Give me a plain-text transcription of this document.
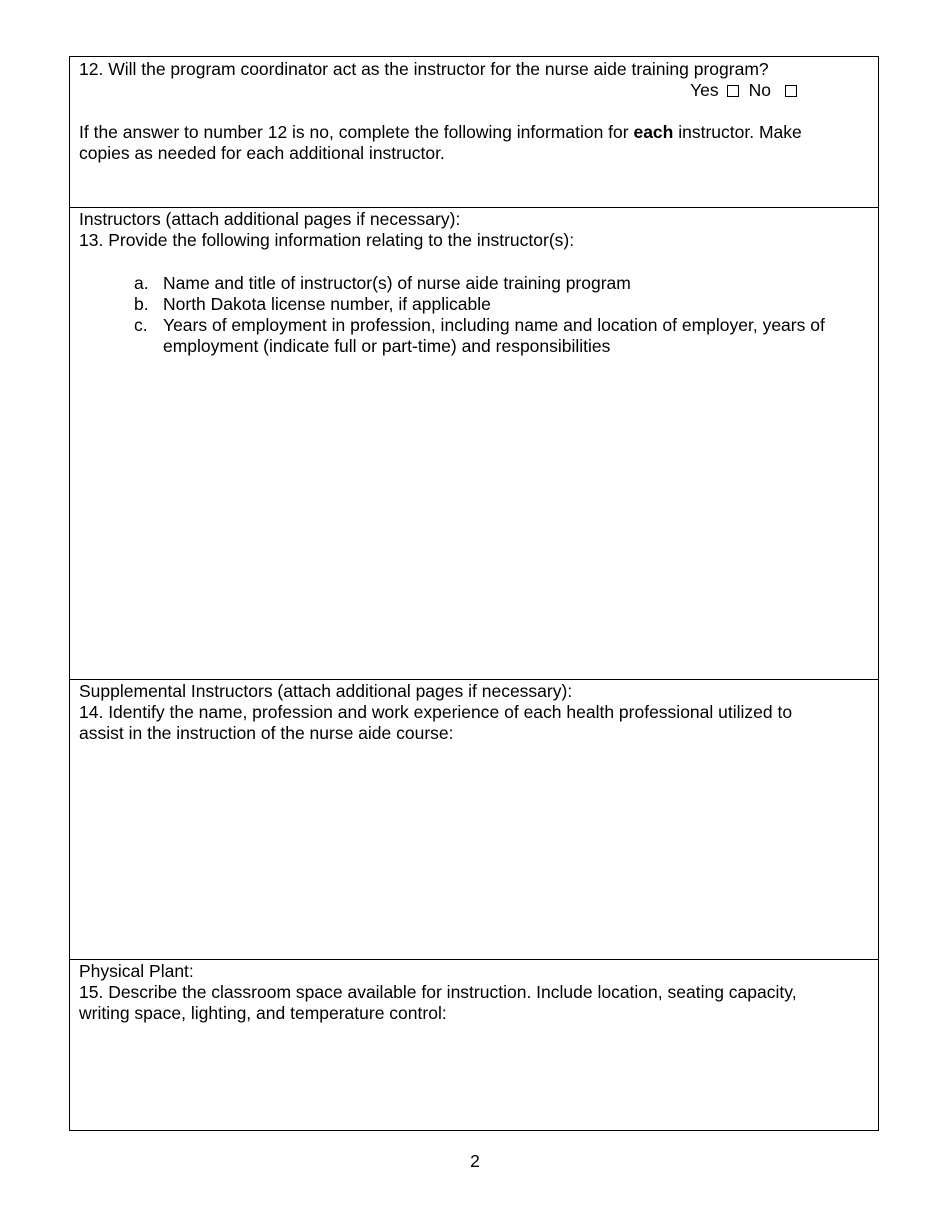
12. Will the program coordinator act as the instructor for the nurse aide training program?

Yes No

If the answer to number 12 is no, complete the following information for each instructor. Make

copies as needed for each additional instructor.

Instructors (attach additional pages if necessary):

13. Provide the following information relating to the instructor(s):

a. Name and title of instructor(s) of nurse aide training program
b. North Dakota license number, if applicable
c. Years of employment in profession, including name and location of employer, years of employment (indicate full or part-time) and responsibilities

Supplemental Instructors (attach additional pages if necessary):

14. Identify the name, profession and work experience of each health professional utilized to

assist in the instruction of the nurse aide course:

Physical Plant:

15. Describe the classroom space available for instruction. Include location, seating capacity,

writing space, lighting, and temperature control:

2
